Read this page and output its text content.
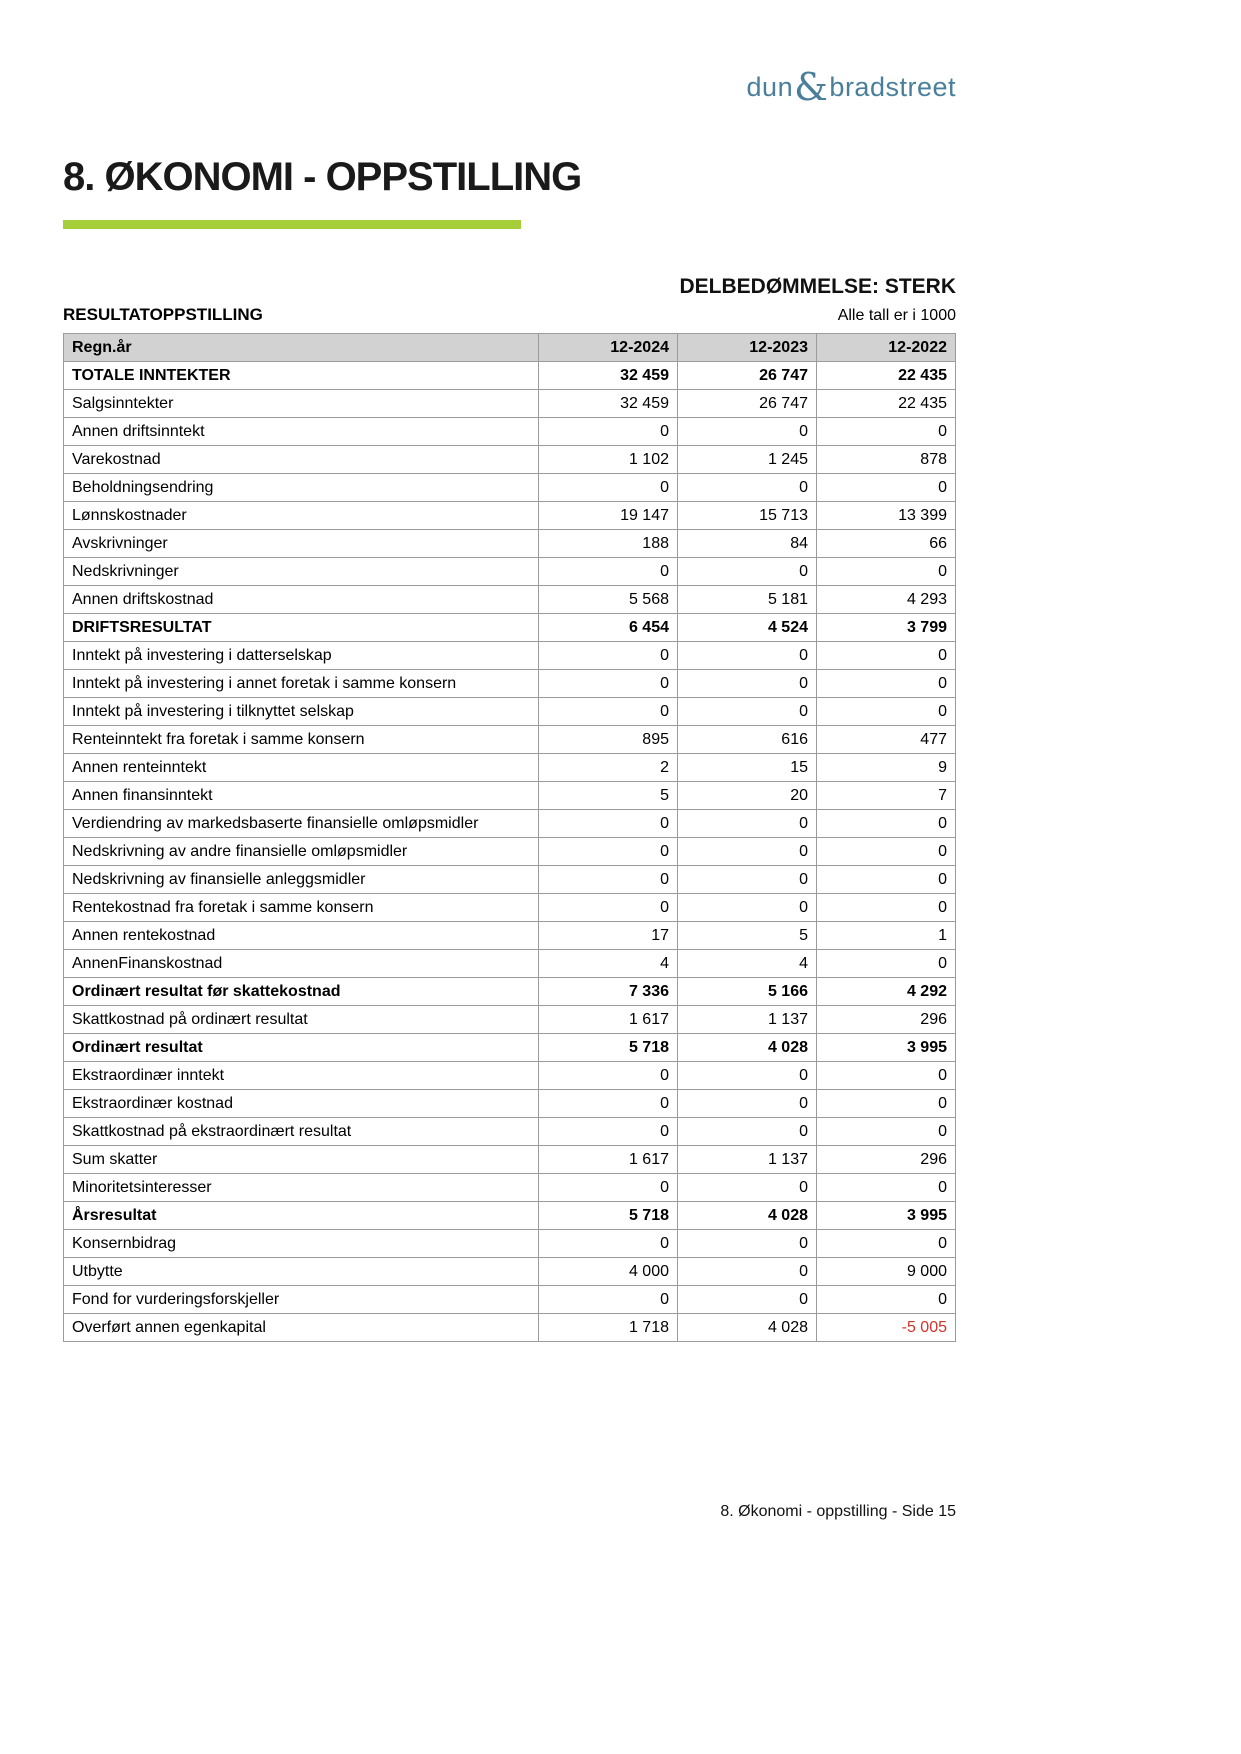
dun&bradstreet
8. ØKONOMI - OPPSTILLING
DELBEDØMMELSE: STERK
RESULTATOPPSTILLING	Alle tall er i 1000
Regn.år	12-2024	12-2023	12-2022
TOTALE INNTEKTER	32 459	26 747	22 435
Salgsinntekter	32 459	26 747	22 435
Annen driftsinntekt	0	0	0
Varekostnad	1 102	1 245	878
Beholdningsendring	0	0	0
Lønnskostnader	19 147	15 713	13 399
Avskrivninger	188	84	66
Nedskrivninger	0	0	0
Annen driftskostnad	5 568	5 181	4 293
DRIFTSRESULTAT	6 454	4 524	3 799
Inntekt på investering i datterselskap	0	0	0
Inntekt på investering i annet foretak i samme konsern	0	0	0
Inntekt på investering i tilknyttet selskap	0	0	0
Renteinntekt fra foretak i samme konsern	895	616	477
Annen renteinntekt	2	15	9
Annen finansinntekt	5	20	7
Verdiendring av markedsbaserte finansielle omløpsmidler	0	0	0
Nedskrivning av andre finansielle omløpsmidler	0	0	0
Nedskrivning av finansielle anleggsmidler	0	0	0
Rentekostnad fra foretak i samme konsern	0	0	0
Annen rentekostnad	17	5	1
AnnenFinanskostnad	4	4	0
Ordinært resultat før skattekostnad	7 336	5 166	4 292
Skattkostnad på ordinært resultat	1 617	1 137	296
Ordinært resultat	5 718	4 028	3 995
Ekstraordinær inntekt	0	0	0
Ekstraordinær kostnad	0	0	0
Skattkostnad på ekstraordinært resultat	0	0	0
Sum skatter	1 617	1 137	296
Minoritetsinteresser	0	0	0
Årsresultat	5 718	4 028	3 995
Konsernbidrag	0	0	0
Utbytte	4 000	0	9 000
Fond for vurderingsforskjeller	0	0	0
Overført annen egenkapital	1 718	4 028	-5 005
8. Økonomi - oppstilling - Side 15
